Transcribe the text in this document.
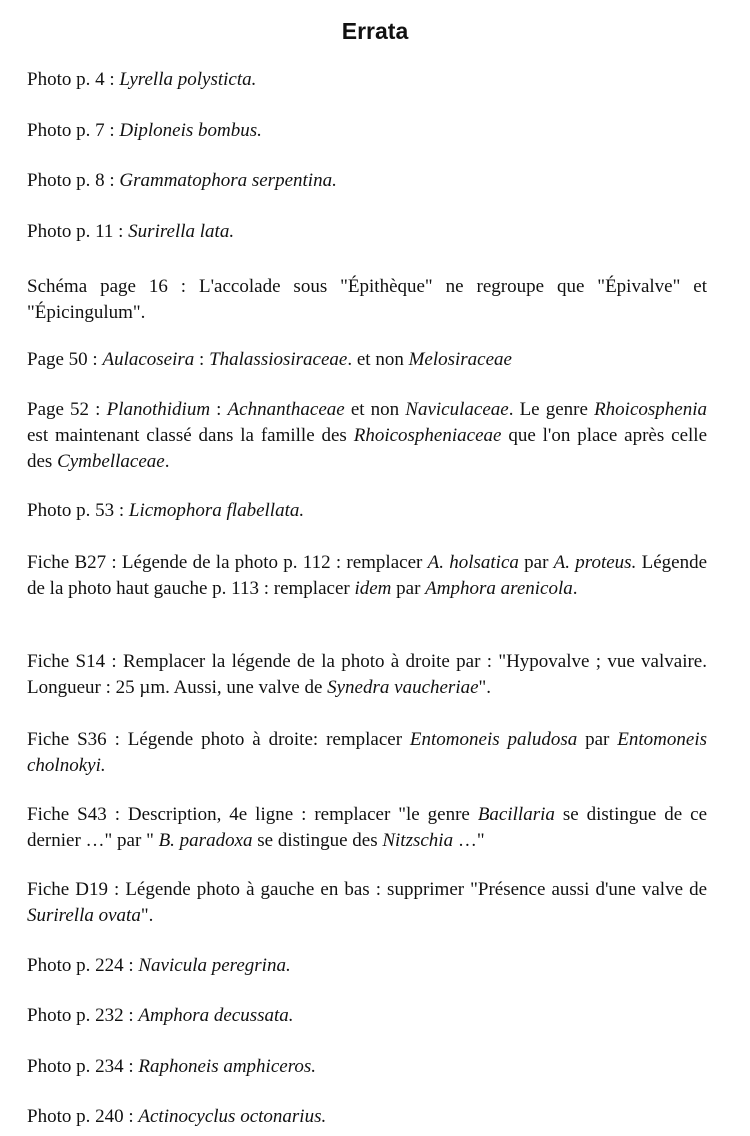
Errata

Photo p. 4 : Lyrella polysticta.

Photo p. 7 : Diploneis bombus.

Photo p. 8 : Grammatophora serpentina.

Photo p. 11 : Surirella lata.

Schéma page 16 : L'accolade sous "Épithèque" ne regroupe que "Épivalve" et "Épicingulum".

Page 50 : Aulacoseira : Thalassiosiraceae. et non Melosiraceae

Page 52 : Planothidium : Achnanthaceae et non Naviculaceae. Le genre Rhoicosphenia est maintenant classé dans la famille des Rhoicospheniaceae que l'on place après celle des Cymbellaceae.

Photo p. 53 : Licmophora flabellata.

Fiche B27 : Légende de la photo p. 112 : remplacer A. holsatica par A. proteus. Légende de la photo haut gauche p. 113 : remplacer idem par Amphora arenicola.

Fiche S14 : Remplacer la légende de la photo à droite par : "Hypovalve ; vue valvaire. Longueur : 25 µm. Aussi, une valve de Synedra vaucheriae".

Fiche S36 : Légende photo à droite: remplacer Entomoneis paludosa par Entomoneis cholnokyi.

Fiche S43 : Description, 4e ligne : remplacer "le genre Bacillaria se distingue de ce dernier …" par " B. paradoxa se distingue des Nitzschia …"

Fiche D19 : Légende photo à gauche en bas : supprimer "Présence aussi d'une valve de Surirella ovata".

Photo p. 224 : Navicula peregrina.

Photo p. 232 : Amphora decussata.

Photo p. 234 : Raphoneis amphiceros.

Photo p. 240 : Actinocyclus octonarius.
